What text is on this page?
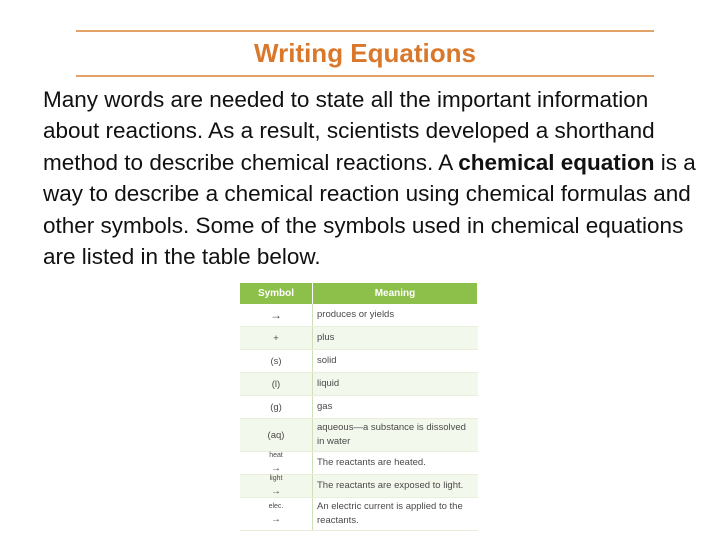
Writing Equations
Many words are needed to state all the important information about reactions. As a result, scientists developed a shorthand method to describe chemical reactions. A chemical equation is a way to describe a chemical reaction using chemical formulas and other symbols. Some of the symbols used in chemical equations are listed in the table below.
Symbol	Meaning
→	produces or yields
+	plus
(s)	solid
(l)	liquid
(g)	gas
(aq)	aqueous—a substance is dissolved in water

heat
→	The reactants are heated.

light
→	The reactants are exposed to light.

elec.
→	An electric current is applied to the reactants.
